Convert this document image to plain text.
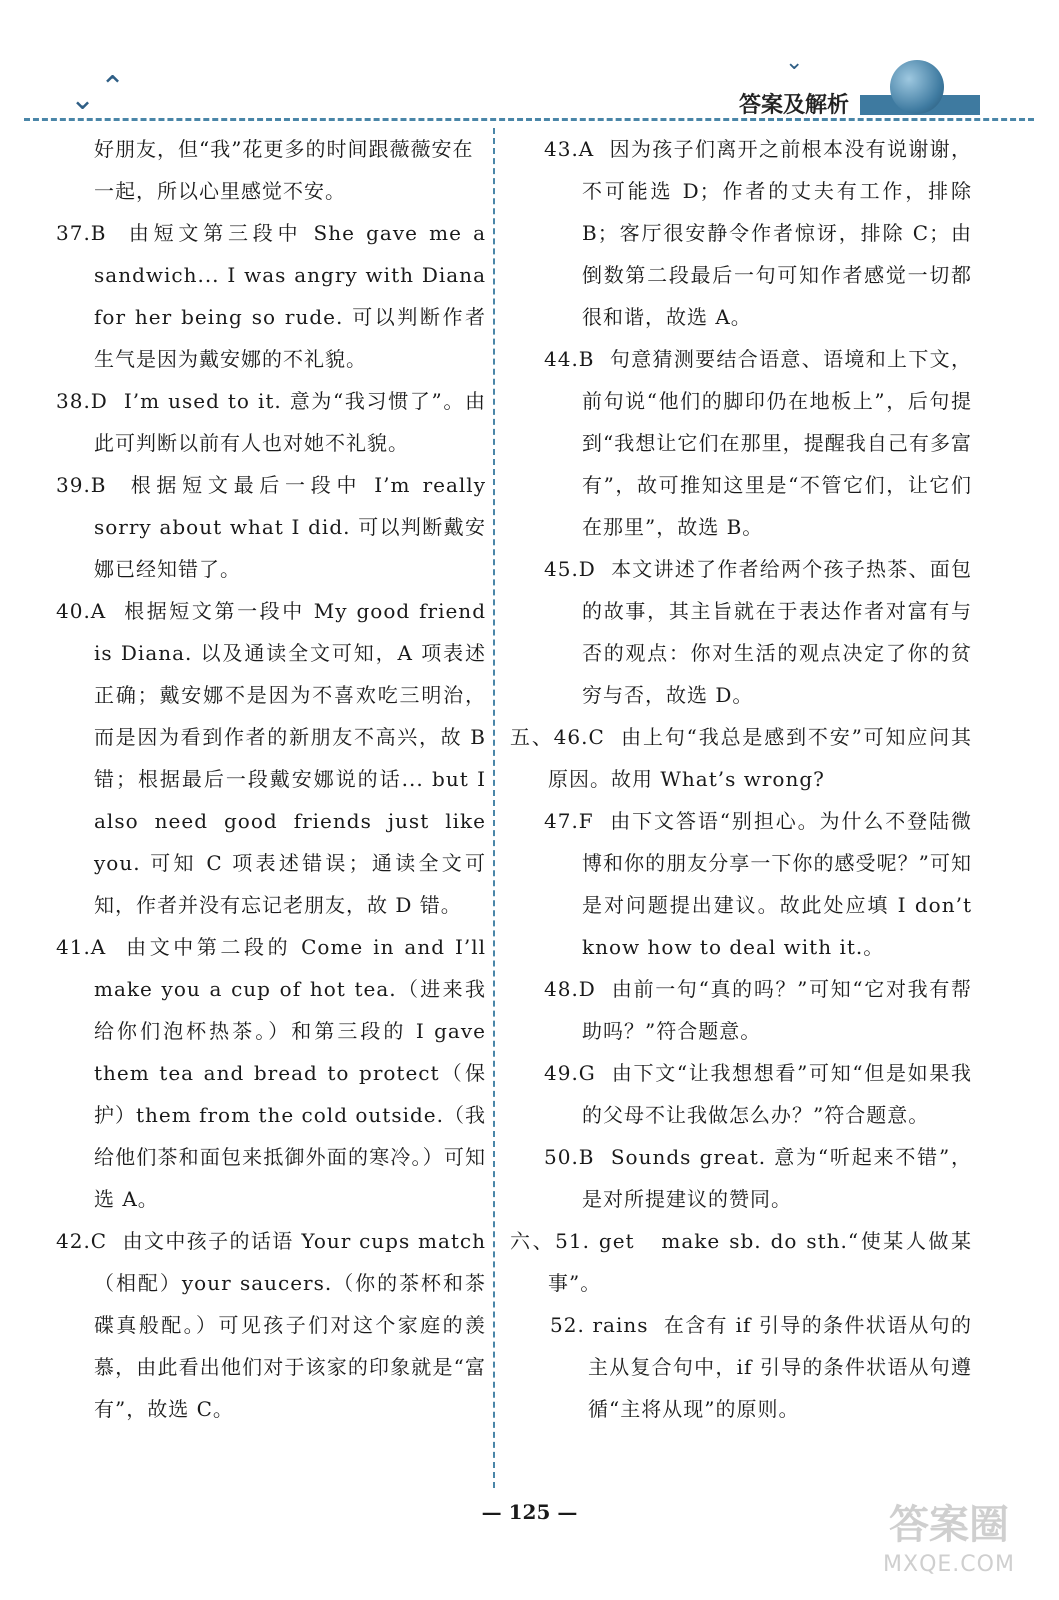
⌄ ⌃
⌄
答案及解析
好朋友，但“我”花更多的时间跟薇薇安在一起，所以心里感觉不安。
37.B 由短文第三段中 She gave me a sandwich... I was angry with Diana for her being so rude. 可以判断作者生气是因为戴安娜的不礼貌。
38.D I’m used to it. 意为“我习惯了”。由此可判断以前有人也对她不礼貌。
39.B 根据短文最后一段中 I’m really sorry about what I did. 可以判断戴安娜已经知错了。
40.A 根据短文第一段中 My good friend is Diana. 以及通读全文可知，A 项表述正确；戴安娜不是因为不喜欢吃三明治，而是因为看到作者的新朋友不高兴，故 B 错；根据最后一段戴安娜说的话... but I also need good friends just like you. 可知 C 项表述错误；通读全文可知，作者并没有忘记老朋友，故 D 错。
41.A 由文中第二段的 Come in and I’ll make you a cup of hot tea.（进来我给你们泡杯热茶。）和第三段的 I gave them tea and bread to protect（保护）them from the cold outside.（我给他们茶和面包来抵御外面的寒冷。）可知选 A。
42.C 由文中孩子的话语 Your cups match（相配）your saucers.（你的茶杯和茶碟真般配。）可见孩子们对这个家庭的羡慕，由此看出他们对于该家的印象就是“富有”，故选 C。
43.A 因为孩子们离开之前根本没有说谢谢，不可能选 D；作者的丈夫有工作，排除 B；客厅很安静令作者惊讶，排除 C；由倒数第二段最后一句可知作者感觉一切都很和谐，故选 A。
44.B 句意猜测要结合语意、语境和上下文，前句说“他们的脚印仍在地板上”，后句提到“我想让它们在那里，提醒我自己有多富有”，故可推知这里是“不管它们，让它们在那里”，故选 B。
45.D 本文讲述了作者给两个孩子热茶、面包的故事，其主旨就在于表达作者对富有与否的观点：你对生活的观点决定了你的贫穷与否，故选 D。
五、46.C 由上句“我总是感到不安”可知应问其原因。故用 What’s wrong?
47.F 由下文答语“别担心。为什么不登陆微博和你的朋友分享一下你的感受呢？”可知是对问题提出建议。故此处应填 I don’t know how to deal with it.。
48.D 由前一句“真的吗？”可知“它对我有帮助吗？”符合题意。
49.G 由下文“让我想想看”可知“但是如果我的父母不让我做怎么办？”符合题意。
50.B Sounds great. 意为“听起来不错”，是对所提建议的赞同。
六、51. get make sb. do sth.“使某人做某事”。
52. rains 在含有 if 引导的条件状语从句的主从复合句中，if 引导的条件状语从句遵循“主将从现”的原则。
— 125 —	答案圈
MXQE.COM
